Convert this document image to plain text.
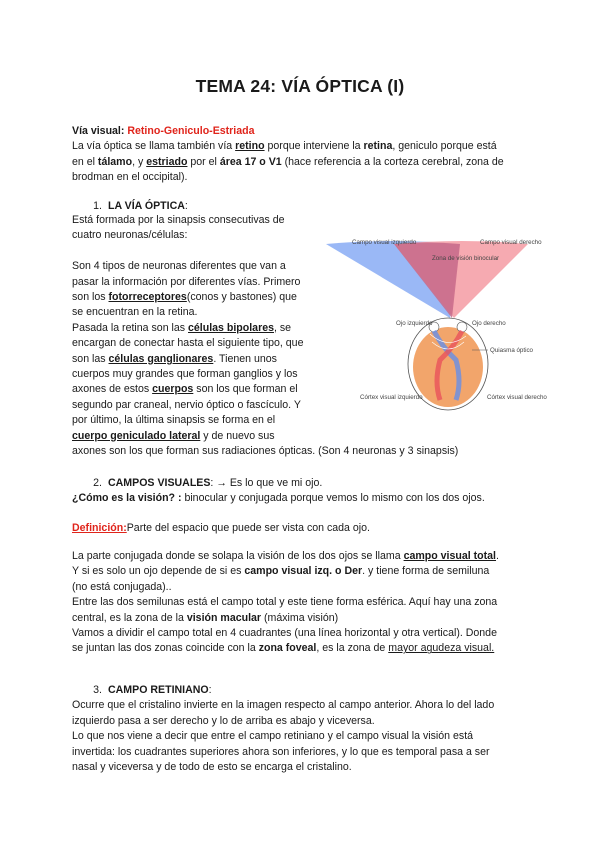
TEMA 24: VÍA ÓPTICA (I)
Vía visual: Retino-Geniculo-Estriada
La vía óptica se llama también vía retino porque interviene la retina, geniculo porque está
en el tálamo, y estriado por el área 17 o V1 (hace referencia a la corteza cerebral, zona de
brodman en el occipital).
1. LA VÍA ÓPTICA:
Está formada por la sinapsis consecutivas de
cuatro neuronas/células:
Son 4 tipos de neuronas diferentes que van a
pasar la información por diferentes vías. Primero
son los fotorreceptores(conos y bastones) que
se encuentran en la retina.
Pasada la retina son las células bipolares, se
encargan de conectar hasta el siguiente tipo, que
son las células ganglionares. Tienen unos
cuerpos muy grandes que forman ganglios y los
axones de estos cuerpos son los que forman el
segundo par craneal, nervio óptico o fascículo. Y
por último, la última sinapsis se forma en el
cuerpo geniculado lateral y de nuevo sus
axones son los que forman sus radiaciones ópticas. (Son 4 neuronas y 3 sinapsis)
Campo visual izquierdo	Campo visual derecho
Zona de visión binocular
Ojo izquierdo	Ojo derecho
Quiasma óptico
Córtex visual izquierdo	Córtex visual derecho
2. CAMPOS VISUALES: → Es lo que ve mi ojo.
¿Cómo es la visión? : binocular y conjugada porque vemos lo mismo con los dos ojos.
Definición:Parte del espacio que puede ser vista con cada ojo.
La parte conjugada donde se solapa la visión de los dos ojos se llama campo visual total.
Y si es solo un ojo depende de si es campo visual izq. o Der. y tiene forma de semiluna
(no está conjugada)..
Entre las dos semilunas está el campo total y este tiene forma esférica. Aquí hay una zona
central, es la zona de la visión macular (máxima visión)
Vamos a dividir el campo total en 4 cuadrantes (una línea horizontal y otra vertical). Donde
se juntan las dos zonas coincide con la zona foveal, es la zona de mayor agudeza visual.
3. CAMPO RETINIANO:
Ocurre que el cristalino invierte en la imagen respecto al campo anterior. Ahora lo del lado
izquierdo pasa a ser derecho y lo de arriba es abajo y viceversa.
Lo que nos viene a decir que entre el campo retiniano y el campo visual la visión está
invertida: los cuadrantes superiores ahora son inferiores, y lo que es temporal pasa a ser
nasal y viceversa y de todo de esto se encarga el cristalino.
